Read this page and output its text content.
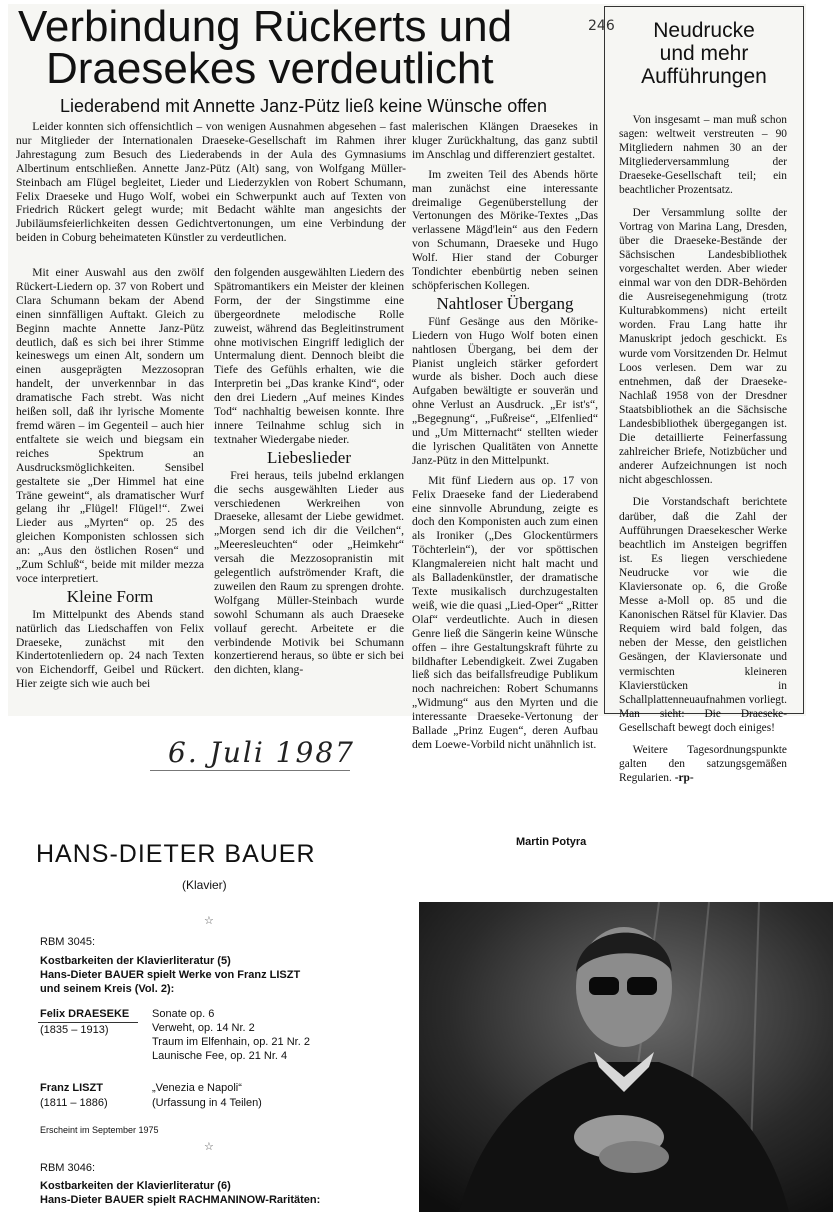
Verbindung Rückerts und
Draesekes verdeutlicht
246
Liederabend mit Annette Janz-Pütz ließ keine Wünsche offen

Leider konnten sich offensichtlich – von wenigen Ausnahmen abgesehen – fast nur Mitglieder der Internationalen Draeseke-Gesellschaft im Rahmen ihrer Jahrestagung zum Besuch des Liederabends in der Aula des Gymnasiums Albertinum entschließen. Annette Janz-Pütz (Alt) sang, von Wolfgang Müller-Steinbach am Flügel begleitet, Lieder und Liederzyklen von Robert Schumann, Felix Draeseke und Hugo Wolf, wobei ein Schwerpunkt auch auf Texten von Friedrich Rückert gelegt wurde; mit Bedacht wählte man angesichts der Jubiläumsfeierlichkeiten dessen Gedichtvertonungen, um eine Verbindung der beiden in Coburg beheimateten Künstler zu verdeutlichen.

Mit einer Auswahl aus den zwölf Rückert-Liedern op. 37 von Robert und Clara Schumann bekam der Abend einen sinnfälligen Auftakt. Gleich zu Beginn machte Annette Janz-Pütz deutlich, daß es sich bei ihrer Stimme keineswegs um einen Alt, sondern um einen ausgeprägten Mezzosopran handelt, der unverkennbar in das dramatische Fach strebt. Was nicht heißen soll, daß ihr lyrische Momente fremd wären – im Gegenteil – auch hier entfaltete sie weich und biegsam ein reiches Spektrum an Ausdrucksmöglichkeiten. Sensibel gestaltete sie „Der Himmel hat eine Träne geweint“, als dramatischer Wurf gelang ihr „Flügel! Flügel!“. Zwei Lieder aus „Myrten“ op. 25 des gleichen Komponisten schlossen sich an: „Aus den östlichen Rosen“ und „Zum Schluß“, beide mit milder mezza voce interpretiert.

Kleine Form

Im Mittelpunkt des Abends stand natürlich das Liedschaffen von Felix Draeseke, zunächst mit den Kindertotenliedern op. 24 nach Texten von Eichendorff, Geibel und Rückert. Hier zeigte sich wie auch bei

den folgenden ausgewählten Liedern des Spätromantikers ein Meister der kleinen Form, der der Singstimme eine übergeordnete melodische Rolle zuweist, während das Begleitinstrument ohne motivischen Eingriff lediglich der Untermalung dient. Dennoch bleibt die Tiefe des Gefühls erhalten, wie die Interpretin bei „Das kranke Kind“, oder den drei Liedern „Auf meines Kindes Tod“ nachhaltig beweisen konnte. Ihre innere Teilnahme schlug sich in textnaher Wiedergabe nieder.

Liebeslieder

Frei heraus, teils jubelnd erklangen die sechs ausgewählten Lieder aus verschiedenen Werkreihen von Draeseke, allesamt der Liebe gewidmet. „Morgen send ich dir die Veilchen“, „Meeresleuchten“ oder „Heimkehr“ versah die Mezzosopranistin mit gelegentlich aufströmender Kraft, die zuweilen den Raum zu sprengen drohte. Wolfgang Müller-Steinbach wurde sowohl Schumann als auch Draeseke vollauf gerecht. Arbeitete er die verbindende Motivik bei Schumann konzertierend heraus, so übte er sich bei den dichten, klang-

malerischen Klängen Draesekes in kluger Zurückhaltung, das ganz subtil im Anschlag und differenziert gestaltet.

Im zweiten Teil des Abends hörte man zunächst eine interessante dreimalige Gegenüberstellung der Vertonungen des Mörike-Textes „Das verlassene Mägd'lein“ aus den Federn von Schumann, Draeseke und Hugo Wolf. Hier stand der Coburger Tondichter ebenbürtig neben seinen schöpferischen Kollegen.

Nahtloser Übergang

Fünf Gesänge aus den Mörike-Liedern von Hugo Wolf boten einen nahtlosen Übergang, bei dem der Pianist ungleich stärker gefordert wurde als bisher. Doch auch diese Aufgaben bewältigte er souverän und ohne Verlust an Ausdruck. „Er ist's“, „Begegnung“, „Fußreise“, „Elfenlied“ und „Um Mitternacht“ stellten wieder die lyrischen Qualitäten von Annette Janz-Pütz in den Mittelpunkt.

Mit fünf Liedern aus op. 17 von Felix Draeseke fand der Liederabend eine sinnvolle Abrundung, zeigte es doch den Komponisten auch zum einen als Ironiker („Des Glockentürmers Töchterlein“), der vor spöttischen Klangmalereien nicht halt macht und als Balladenkünstler, der dramatische Texte musikalisch durchzugestalten weiß, wie die quasi „Lied-Oper“ „Ritter Olaf“ verdeutlichte. Auch in diesen Genre ließ die Sängerin keine Wünsche offen – ihre Gestaltungskraft führte zu bildhafter Lebendigkeit. Zwei Zugaben ließ sich das beifallsfreudige Publikum noch nachreichen: Robert Schumanns „Widmung“ aus den Myrten und die interessante Draeseke-Vertonung der Ballade „Prinz Eugen“, deren Aufbau dem Loewe-Vorbild nicht unähnlich ist.

Martin Potyra
Neudrucke
und mehr
Aufführungen

Von insgesamt – man muß schon sagen: weltweit verstreuten – 90 Mitgliedern nahmen 30 an der Mitgliederversammlung der Draeseke-Gesellschaft teil; ein beachtlicher Prozentsatz.

Der Versammlung sollte der Vortrag von Marina Lang, Dresden, über die Draeseke-Bestände der Sächsischen Landesbibliothek vorgeschaltet werden. Aber wieder einmal war von den DDR-Behörden die Ausreisegenehmigung (trotz Kulturabkommens) nicht erteilt worden. Frau Lang hatte ihr Manuskript jedoch geschickt. Es wurde vom Vorsitzenden Dr. Helmut Loos verlesen. Dem war zu entnehmen, daß der Draeseke-Nachlaß 1958 von der Dresdner Staatsbibliothek an die Sächsische Landesbibliothek übergegangen ist. Die detaillierte Feinerfassung zahlreicher Briefe, Notizbücher und anderer Aufzeichnungen ist noch nicht abgeschlossen.

Die Vorstandschaft berichtete darüber, daß die Zahl der Aufführungen Draesekescher Werke beachtlich im Ansteigen begriffen ist. Es liegen verschiedene Neudrucke vor wie die Klaviersonate op. 6, die Große Messe a-Moll op. 85 und die Kanonischen Rätsel für Klavier. Das Requiem wird bald folgen, das neben der Messe, den geistlichen Gesängen, der Klaviersonate und vermischten kleineren Klavierstücken in Schallplattenneuaufnahmen vorliegt. Man sieht: Die Draeseke-Gesellschaft bewegt doch einiges!

Weitere Tagesordnungspunkte galten den satzungsgemäßen Regularien. -rp-

6. Juli 1987
HANS-DIETER BAUER
(Klavier)
☆
RBM 3045:
Kostbarkeiten der Klavierliteratur (5)
Hans-Dieter BAUER spielt Werke von Franz LISZT
und seinem Kreis (Vol. 2):
Felix DRAESEKE
(1835 – 1913)
Sonate op. 6
Verweht, op. 14 Nr. 2
Traum im Elfenhain, op. 21 Nr. 2
Launische Fee, op. 21 Nr. 4
Franz LISZT
(1811 – 1886)
„Venezia e Napoli“
(Urfassung in 4 Teilen)
Erscheint im September 1975
☆
RBM 3046:
Kostbarkeiten der Klavierliteratur (6)
Hans-Dieter BAUER spielt RACHMANINOW-Raritäten:
